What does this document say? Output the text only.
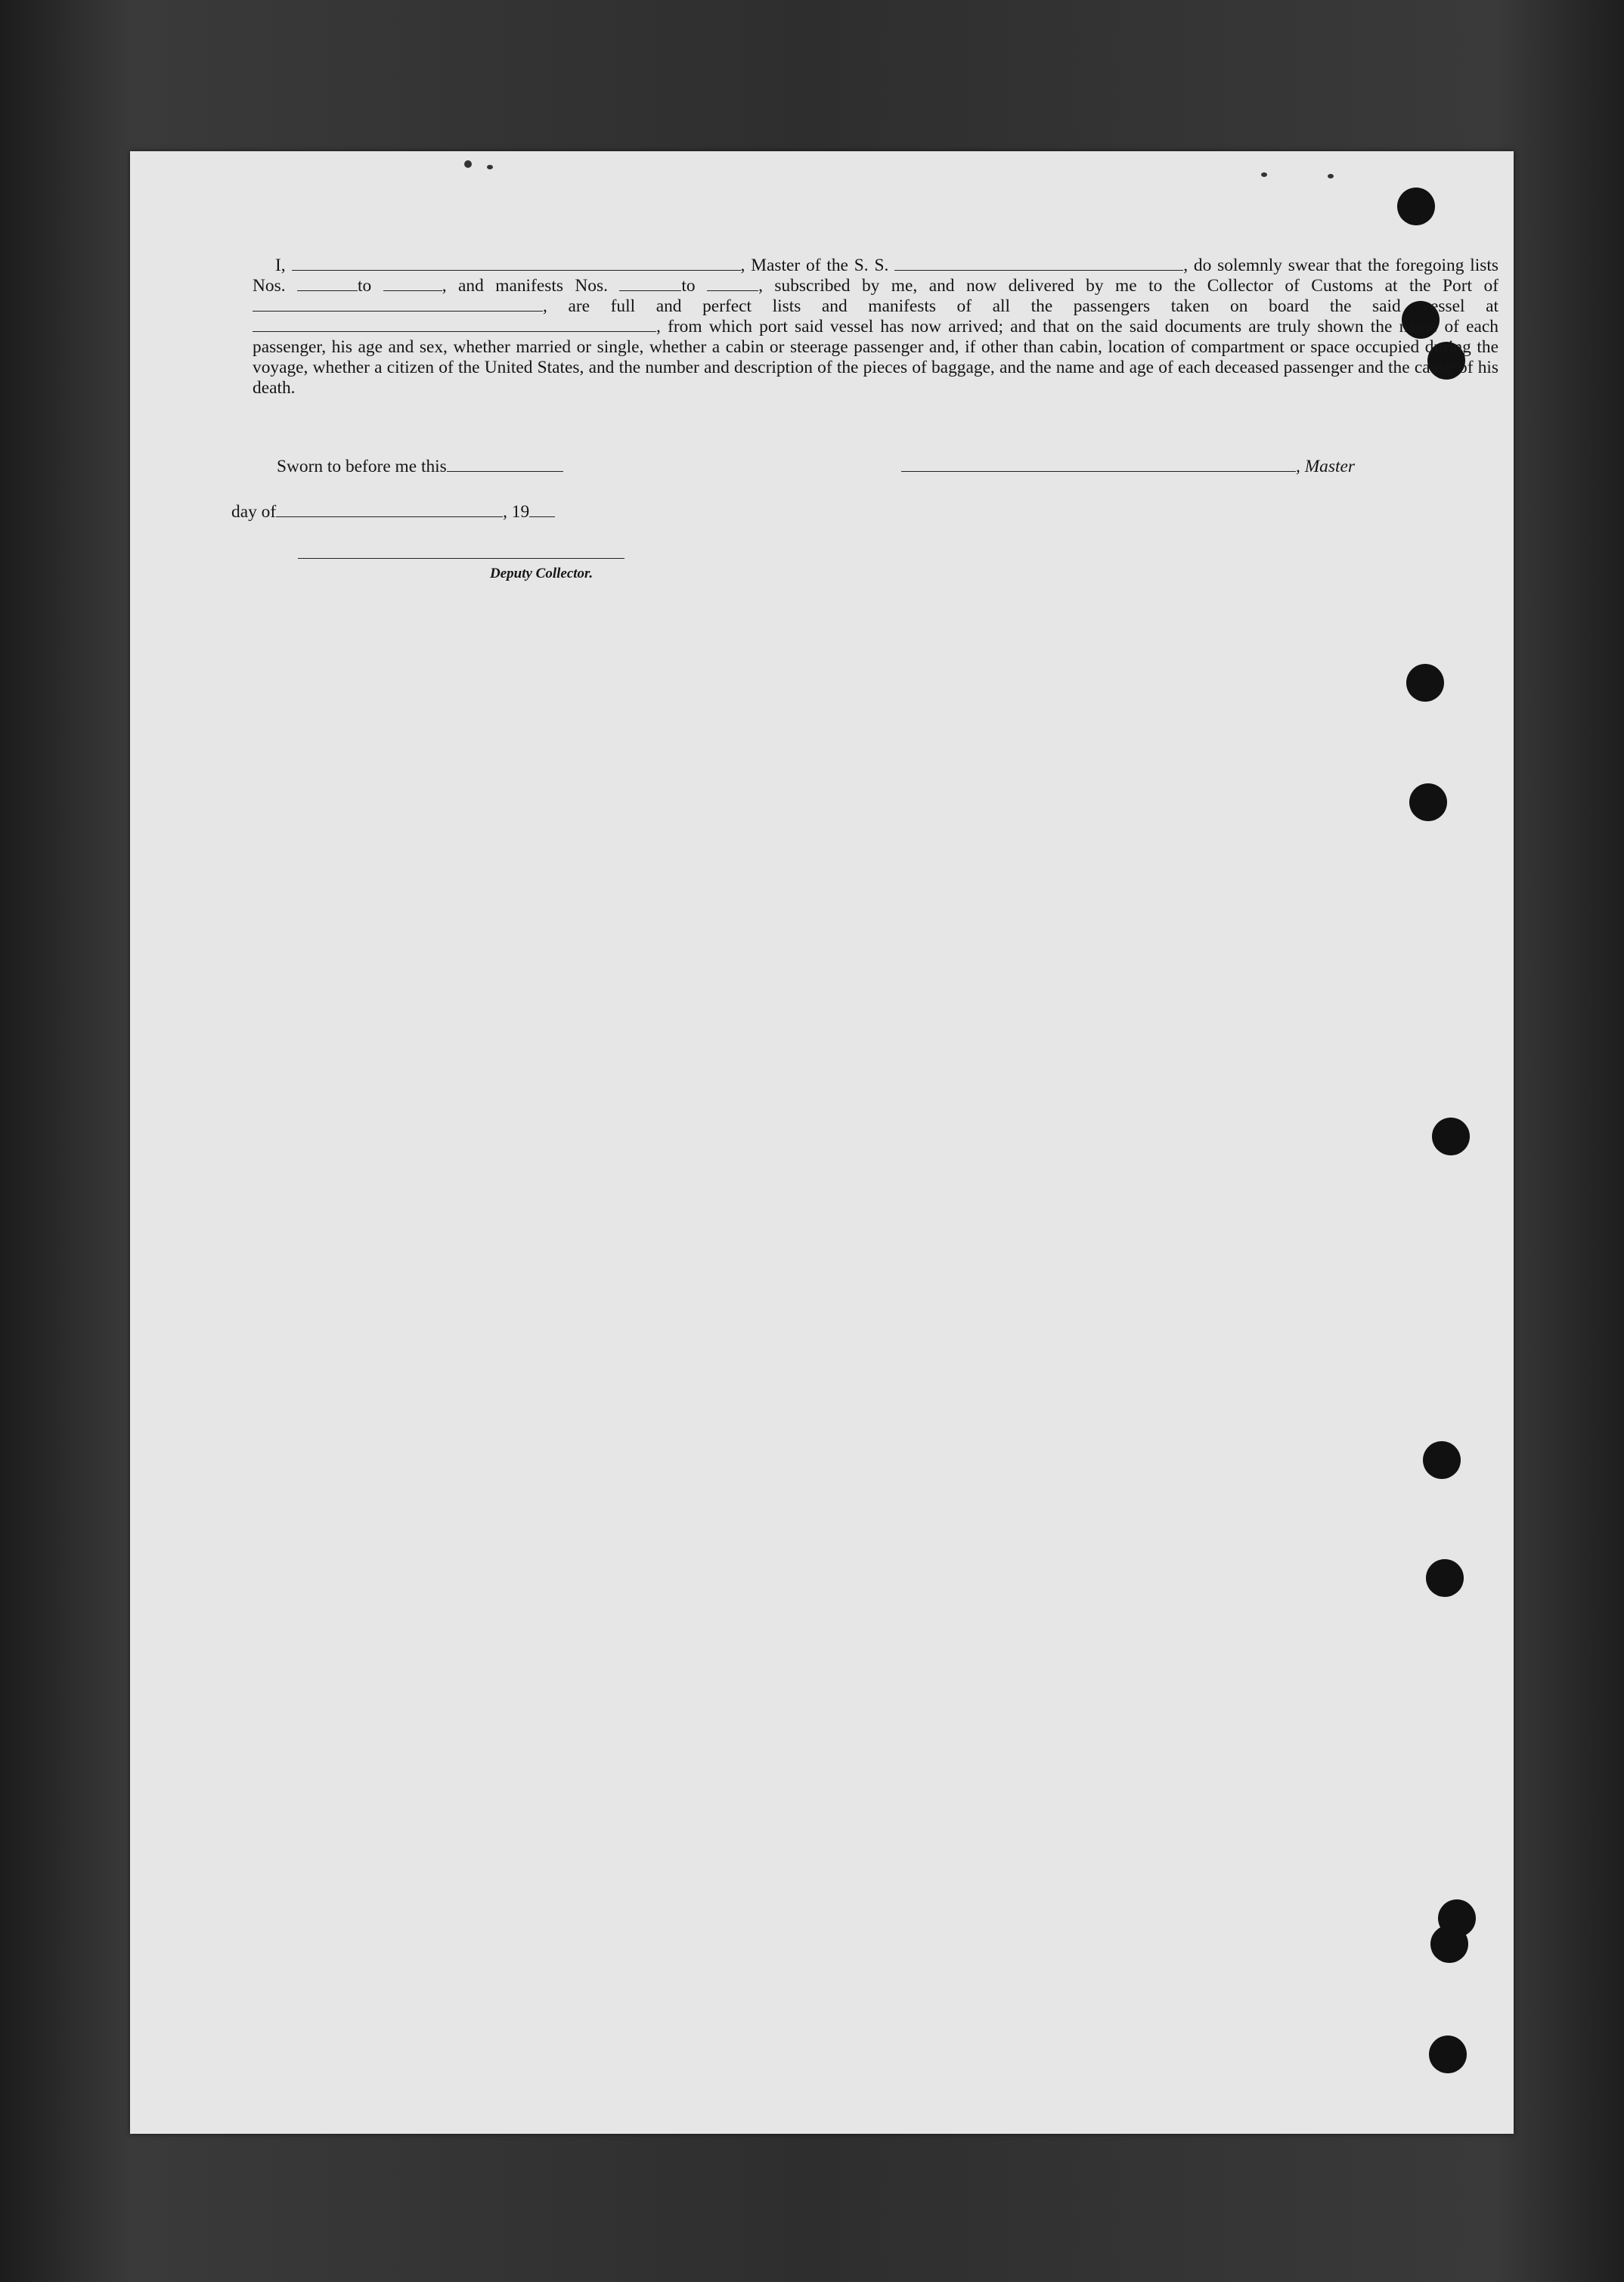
I,	, Master of the S. S.	, do solemnly swear that the foregoing lists Nos.	to	, and manifests Nos.	to	, subscribed by me, and now delivered by me to the Collector of Customs at the Port of , are full and perfect lists and manifests of all the passengers taken on board the said vessel at , from which port said vessel has now arrived; and that on the said documents are truly shown the name of each passenger, his age and sex, whether married or single, whether a cabin or steerage passenger and, if other than cabin, location of compartment or space occupied during the voyage, whether a citizen of the United States, and the number and description of the pieces of baggage, and the name and age of each deceased passenger and the cause of his death.
Sworn to before me this	, Master
day of	, 19
Deputy Collector.
